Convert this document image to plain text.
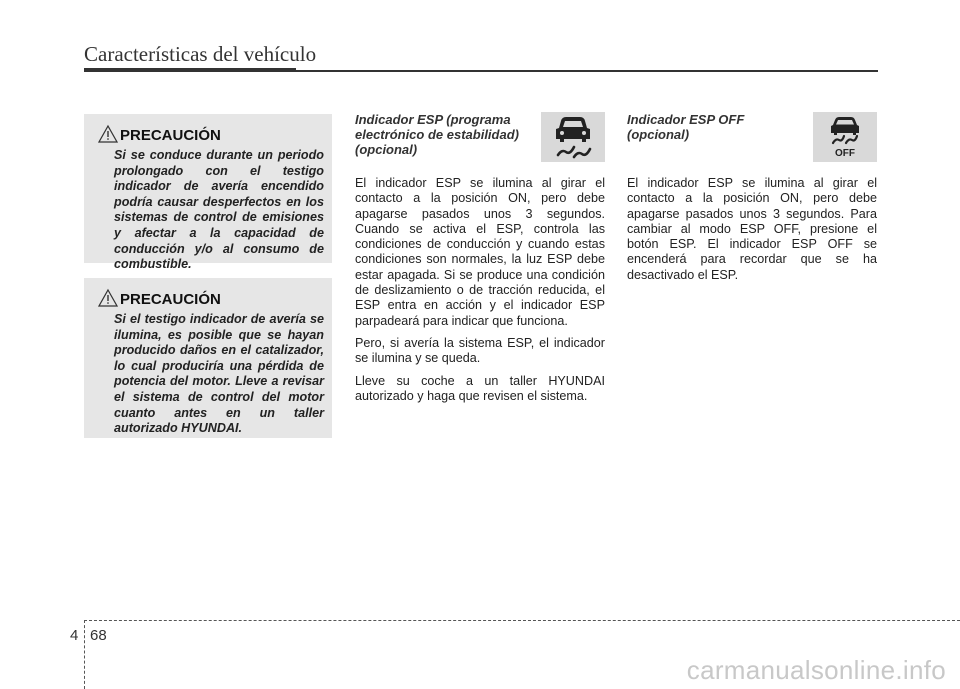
Características del vehículo
PRECAUCIÓN

Si se conduce durante un periodo prolongado con el testigo indicador de avería encendido podría causar desperfectos en los sistemas de control de emisiones y afectar a la capacidad de conducción y/o al consumo de combustible.

PRECAUCIÓN

Si el testigo indicador de avería se ilumina, es posible que se hayan producido daños en el catalizador, lo cual produciría una pérdida de potencia del motor. Lleve a revisar el sistema de control del motor cuanto antes en un taller autorizado HYUNDAI.

Indicador ESP (programa electrónico de estabilidad) (opcional)

El indicador ESP se ilumina al girar el contacto a la posición ON, pero debe apagarse pasados unos 3 segundos. Cuando se activa el ESP, controla las condiciones de conducción y cuando estas condiciones son normales, la luz ESP debe estar apagada. Si se produce una condición de deslizamiento o de tracción reducida, el ESP entra en acción y el indicador ESP parpadeará para indicar que funciona.

Pero, si avería la sistema ESP, el indicador se ilumina y se queda.

Lleve su coche a un taller HYUNDAI autorizado y haga que revisen el sistema.

Indicador ESP OFF (opcional)

OFF

El indicador ESP se ilumina al girar el contacto a la posición ON, pero debe apagarse pasados unos 3 segundos. Para cambiar al modo ESP OFF, presione el botón ESP. El indicador ESP OFF se encenderá para recordar que se ha desactivado el ESP.

4 68
carmanualsonline.info
